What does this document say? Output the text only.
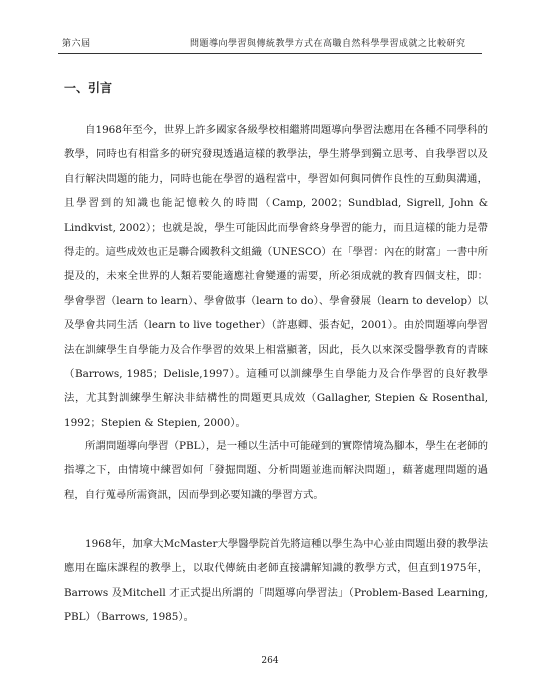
第六屆	問題導向學習與傳統教學方式在高職自然科學學習成就之比較研究
一、引言

自1968年至今，世界上許多國家各級學校相繼將問題導向學習法應用在各種不同學科的教學，同時也有相當多的研究發現透過這樣的教學法，學生將學到獨立思考、自我學習以及自行解決問題的能力，同時也能在學習的過程當中，學習如何與同儕作良性的互動與溝通，且學習到的知識也能記憶較久的時間（Camp, 2002；Sundblad, Sigrell, John & Lindkvist, 2002）；也就是說，學生可能因此而學會終身學習的能力，而且這樣的能力是帶得走的。這些成效也正是聯合國教科文組織（UNESCO）在「學習：內在的財富」一書中所提及的，未來全世界的人類若要能適應社會變遷的需要，所必須成就的教育四個支柱，即：學會學習（learn to learn）、學會做事（learn to do）、學會發展（learn to develop）以及學會共同生活（learn to live together）（許惠卿、張杏妃，2001）。由於問題導向學習法在訓練學生自學能力及合作學習的效果上相當顯著，因此，長久以來深受醫學教育的青睞（Barrows, 1985；Delisle,1997）。這種可以訓練學生自學能力及合作學習的良好教學法，尤其對訓練學生解決非結構性的問題更具成效（Gallagher, Stepien & Rosenthal, 1992；Stepien & Stepien, 2000）。

所謂問題導向學習（PBL），是一種以生活中可能碰到的實際情境為腳本，學生在老師的指導之下，由情境中練習如何「發掘問題、分析問題並進而解決問題」，藉著處理問題的過程，自行蒐尋所需資訊，因而學到必要知識的學習方式。

1968年，加拿大McMaster大學醫學院首先將這種以學生為中心並由問題出發的教學法應用在臨床課程的教學上，以取代傳統由老師直接講解知識的教學方式，但直到1975年，Barrows 及Mitchell 才正式提出所謂的「問題導向學習法」（Problem-Based Learning, PBL）（Barrows, 1985）。

264
